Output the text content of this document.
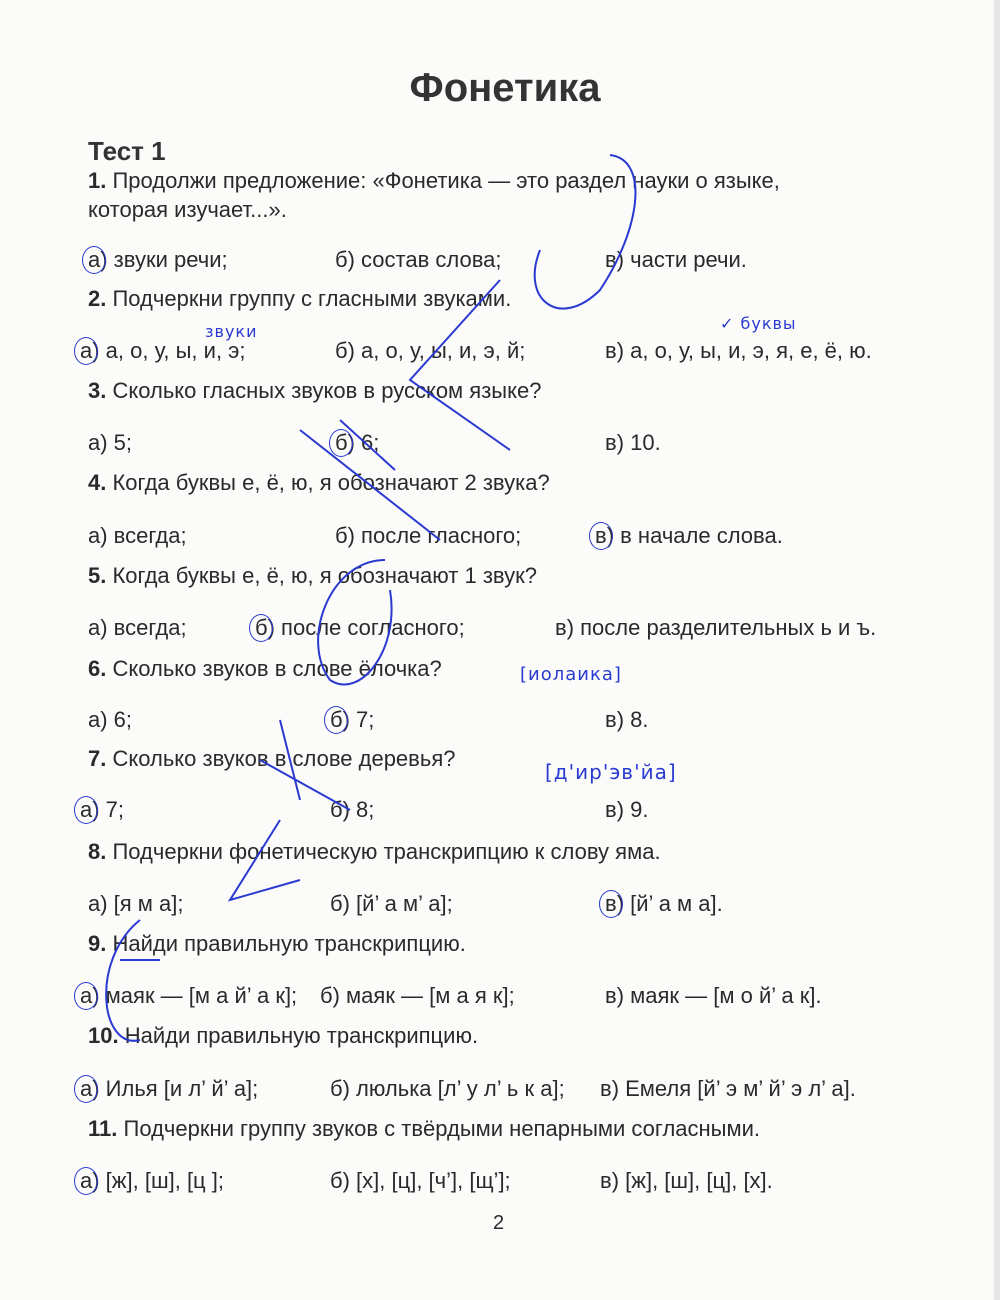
Фонетика
Тест 1
1. Продолжи предложение: «Фонетика — это раздел науки о языке,
которая изучает...».
а) звуки речи;	б) состав слова;	в) части речи.
2. Подчеркни группу с гласными звуками.
а) а, о, у, ы, и, э;	б) а, о, у, ы, и, э, й;	в) а, о, у, ы, и, э, я, е, ё, ю.
3. Сколько гласных звуков в русском языке?
а) 5;	б) 6;	в) 10.
4. Когда буквы е, ё, ю, я обозначают 2 звука?
а) всегда;	б) после гласного;	в) в начале слова.
5. Когда буквы е, ё, ю, я обозначают 1 звук?
а) всегда;	б) после согласного;	в) после разделительных ь и ъ.
6. Сколько звуков в слове ёлочка?
а) 6;	б) 7;	в) 8.
7. Сколько звуков в слове деревья?
а) 7;	б) 8;	в) 9.
8. Подчеркни фонетическую транскрипцию к слову яма.
а) [я м а];	б) [й’ а м’ а];	в) [й’ а м а].
9. Найди правильную транскрипцию.
а) маяк — [м а й’ а к]; б) маяк — [м а я к];	в) маяк — [м о й’ а к].
10. Найди правильную транскрипцию.
а) Илья [и л’ й’ а];	б) люлька [л’ у л’ ь к а]; в) Емеля [й’ э м’ й’ э л’ а].
11. Подчеркни группу звуков с твёрдыми непарными согласными.
а) [ж], [ш], [ц ];	б) [х], [ц], [ч’], [щ’];	в) [ж], [ш], [ц], [х].
звуки	✓ буквы
[иолаика]
[д'ир'эв'йа]
2
